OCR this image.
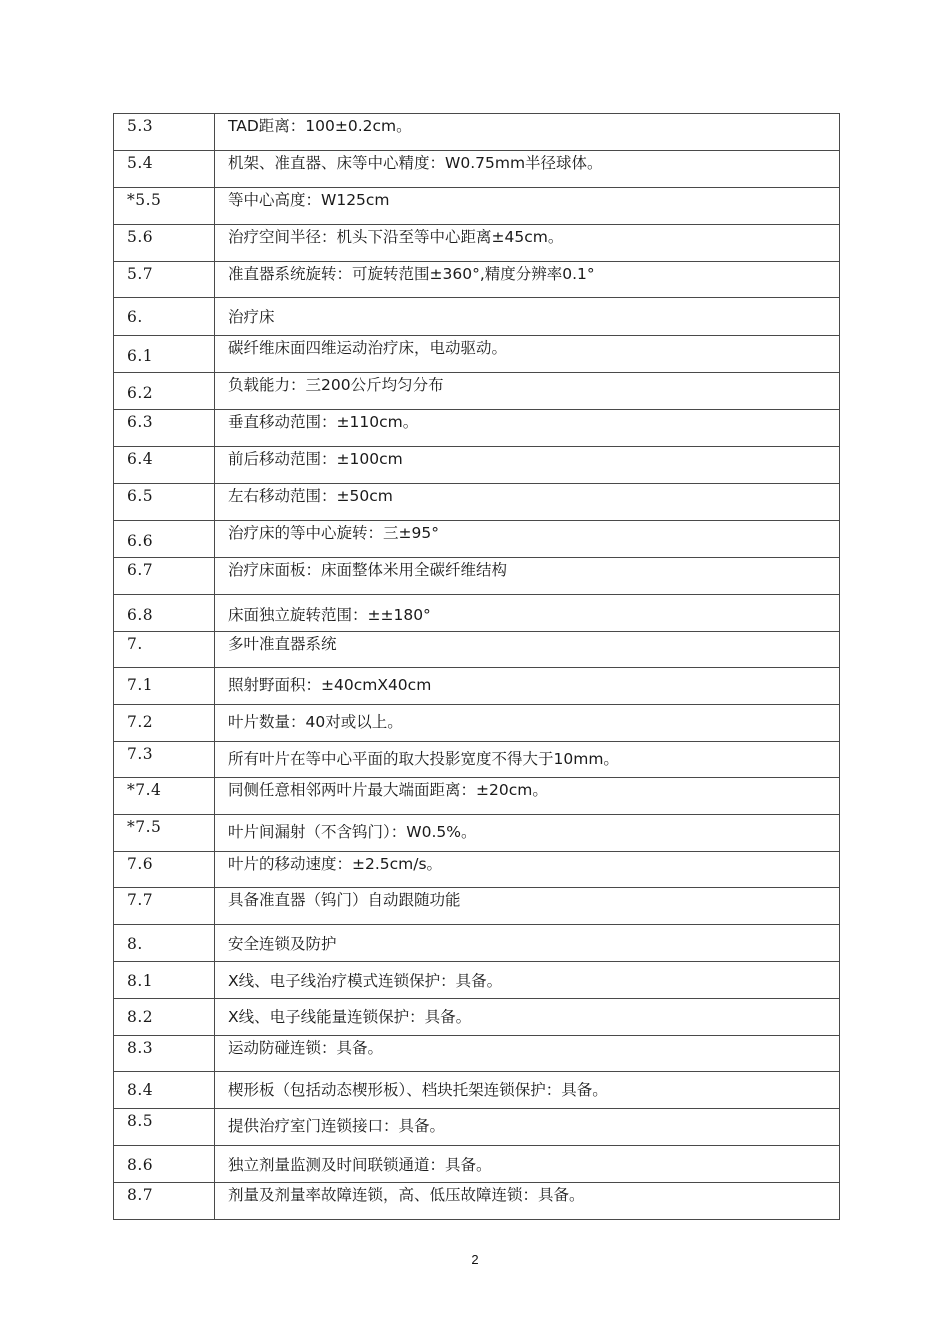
5.3	TAD距离：100±0.2cm。
5.4	机架、准直器、床等中心精度：W0.75mm半径球体。
*5.5	等中心高度：W125cm
5.6	治疗空间半径：机头下沿至等中心距离±45cm。
5.7	准直器系统旋转：可旋转范围±360°,精度分辨率0.1°
6.	治疗床
6.1	碳纤维床面四维运动治疗床，电动驱动。
6.2	负载能力：三200公斤均匀分布
6.3	垂直移动范围：±110cm。
6.4	前后移动范围：±100cm
6.5	左右移动范围：±50cm
6.6	治疗床的等中心旋转：三±95°
6.7	治疗床面板：床面整体米用全碳纤维结构
6.8	床面独立旋转范围：±±180°
7.	多叶准直器系统
7.1	照射野面积：±40cmX40cm
7.2	叶片数量：40对或以上。
7.3	所有叶片在等中心平面的取大投影宽度不得大于10mm。
*7.4	同侧任意相邻两叶片最大端面距离：±20cm。
*7.5	叶片间漏射（不含钨门）：W0.5%。
7.6	叶片的移动速度：±2.5cm/s。
7.7	具备准直器（钨门）自动跟随功能
8.	安全连锁及防护
8.1	X线、电子线治疗模式连锁保护：具备。
8.2	X线、电子线能量连锁保护：具备。
8.3	运动防碰连锁：具备。
8.4	楔形板（包括动态楔形板）、档块托架连锁保护：具备。
8.5	提供治疗室门连锁接口：具备。
8.6	独立剂量监测及时间联锁通道：具备。
8.7	剂量及剂量率故障连锁，高、低压故障连锁：具备。
2
